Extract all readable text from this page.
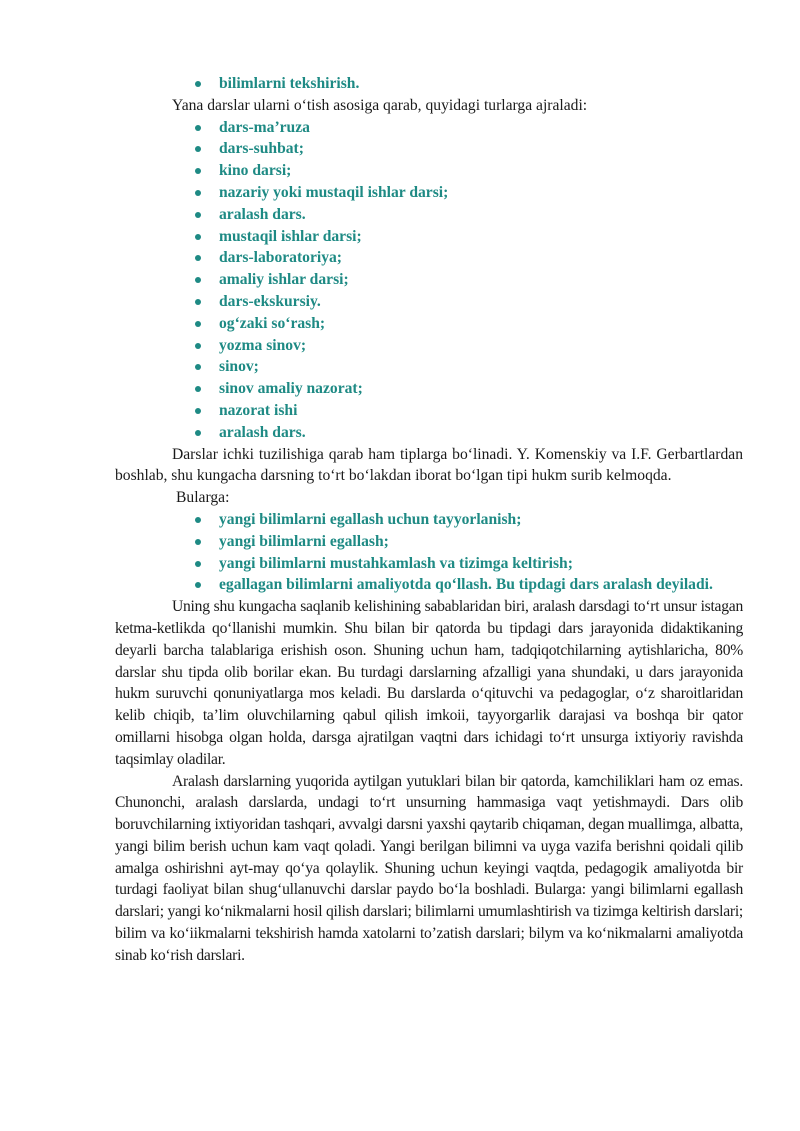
bilimlarni tekshirish.

Yana darslar ularni o‘tish asosiga qarab, quyidagi turlarga ajraladi:

dars-ma’ruza
dars-suhbat;
kino darsi;
nazariy yoki mustaqil ishlar darsi;
aralash dars.
mustaqil ishlar darsi;
dars-laboratoriya;
amaliy ishlar darsi;
dars-ekskursiy.
og‘zaki so‘rash;
yozma sinov;
sinov;
sinov amaliy nazorat;
nazorat ishi
aralash dars.

Darslar ichki tuzilishiga qarab ham tiplarga bo‘linadi. Y. Komenskiy va I.F. Gerbartlardan boshlab, shu kungacha darsning to‘rt bo‘lakdan iborat bo‘lgan tipi hukm surib kelmoqda.

Bularga:

yangi bilimlarni egallash uchun tayyorlanish;
yangi bilimlarni egallash;
yangi bilimlarni mustahkamlash va tizimga keltirish;
egallagan bilimlarni amaliyotda qo‘llash. Bu tipdagi dars aralash deyiladi.

Uning shu kungacha saqlanib kelishining sabablaridan biri, aralash darsdagi to‘rt unsur istagan ketma-ketlikda qo‘llanishi mumkin. Shu bilan bir qatorda bu tipdagi dars jarayonida didaktikaning deyarli barcha talablariga erishish oson. Shuning uchun ham, tadqiqotchilarning aytishlaricha, 80% darslar shu tipda olib borilar ekan. Bu turdagi darslarning afzalligi yana shundaki, u dars jarayonida hukm suruvchi qonuniyatlarga mos keladi. Bu darslarda o‘qituvchi va pedagoglar, o‘z sharoitlaridan kelib chiqib, ta’lim oluvchilarning qabul qilish imkoii, tayyorgarlik darajasi va boshqa bir qator omillarni hisobga olgan holda, darsga ajratilgan vaqtni dars ichidagi to‘rt unsurga ixtiyoriy ravishda taqsimlay oladilar.

Aralash darslarning yuqorida aytilgan yutuklari bilan bir qatorda, kamchiliklari ham oz emas. Chunonchi, aralash darslarda, undagi to‘rt unsurning hammasiga vaqt yetishmaydi. Dars olib boruvchilarning ixtiyoridan tashqari, avvalgi darsni yaxshi qaytarib chiqaman, degan muallimga, albatta, yangi bilim berish uchun kam vaqt qoladi. Yangi berilgan bilimni va uyga vazifa berishni qoidali qilib amalga oshirishni ayt-may qo‘ya qolaylik. Shuning uchun keyingi vaqtda, pedagogik amaliyotda bir turdagi faoliyat bilan shug‘ullanuvchi darslar paydo bo‘la boshladi. Bularga: yangi bilimlarni egallash darslari; yangi ko‘nikmalarni hosil qilish darslari; bilimlarni umumlashtirish va tizimga keltirish darslari; bilim va ko‘iikmalarni tekshirish hamda xatolarni to’zatish darslari; bilym va ko‘nikmalarni amaliyotda sinab ko‘rish darslari.
